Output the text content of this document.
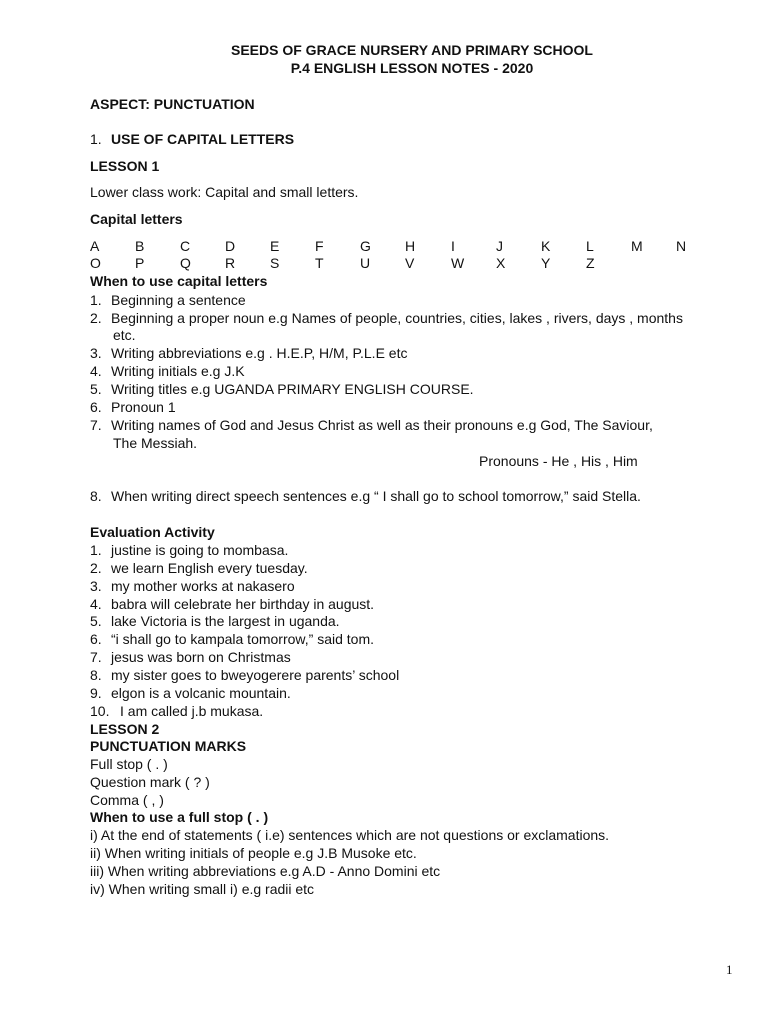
SEEDS OF GRACE NURSERY AND PRIMARY SCHOOL
P.4 ENGLISH LESSON NOTES - 2020
ASPECT: PUNCTUATION
1. USE OF CAPITAL LETTERS
LESSON 1
Lower class work: Capital and small letters.
Capital letters
A	B	C	D	E	F	G	H	I	J	K	L	M	N
O	P	Q	R	S	T	U	V	W X	Y	Z
When to use capital letters
1. Beginning a sentence
2. Beginning a proper noun e.g Names of people, countries, cities, lakes , rivers, days , months
etc.
3. Writing abbreviations e.g . H.E.P, H/M, P.L.E etc
4. Writing initials e.g J.K
5. Writing titles e.g UGANDA PRIMARY ENGLISH COURSE.
6. Pronoun 1
7. Writing names of God and Jesus Christ as well as their pronouns e.g God, The Saviour,
The Messiah.
Pronouns - He , His , Him
8. When writing direct speech sentences e.g “ I shall go to school tomorrow,” said Stella.
Evaluation Activity
1. justine is going to mombasa.
2. we learn English every tuesday.
3. my mother works at nakasero
4. babra will celebrate her birthday in august.
5. lake Victoria is the largest in uganda.
6. “i shall go to kampala tomorrow,” said tom.
7. jesus was born on Christmas
8. my sister goes to bweyogerere parents’ school
9. elgon is a volcanic mountain.
10. I am called j.b mukasa.
LESSON 2
PUNCTUATION MARKS
Full stop ( . )
Question mark ( ? )
Comma ( , )
When to use a full stop ( . )
i) At the end of statements ( i.e) sentences which are not questions or exclamations.
ii) When writing initials of people e.g J.B Musoke etc.
iii) When writing abbreviations e.g A.D - Anno Domini etc
iv) When writing small i) e.g radii etc
1
